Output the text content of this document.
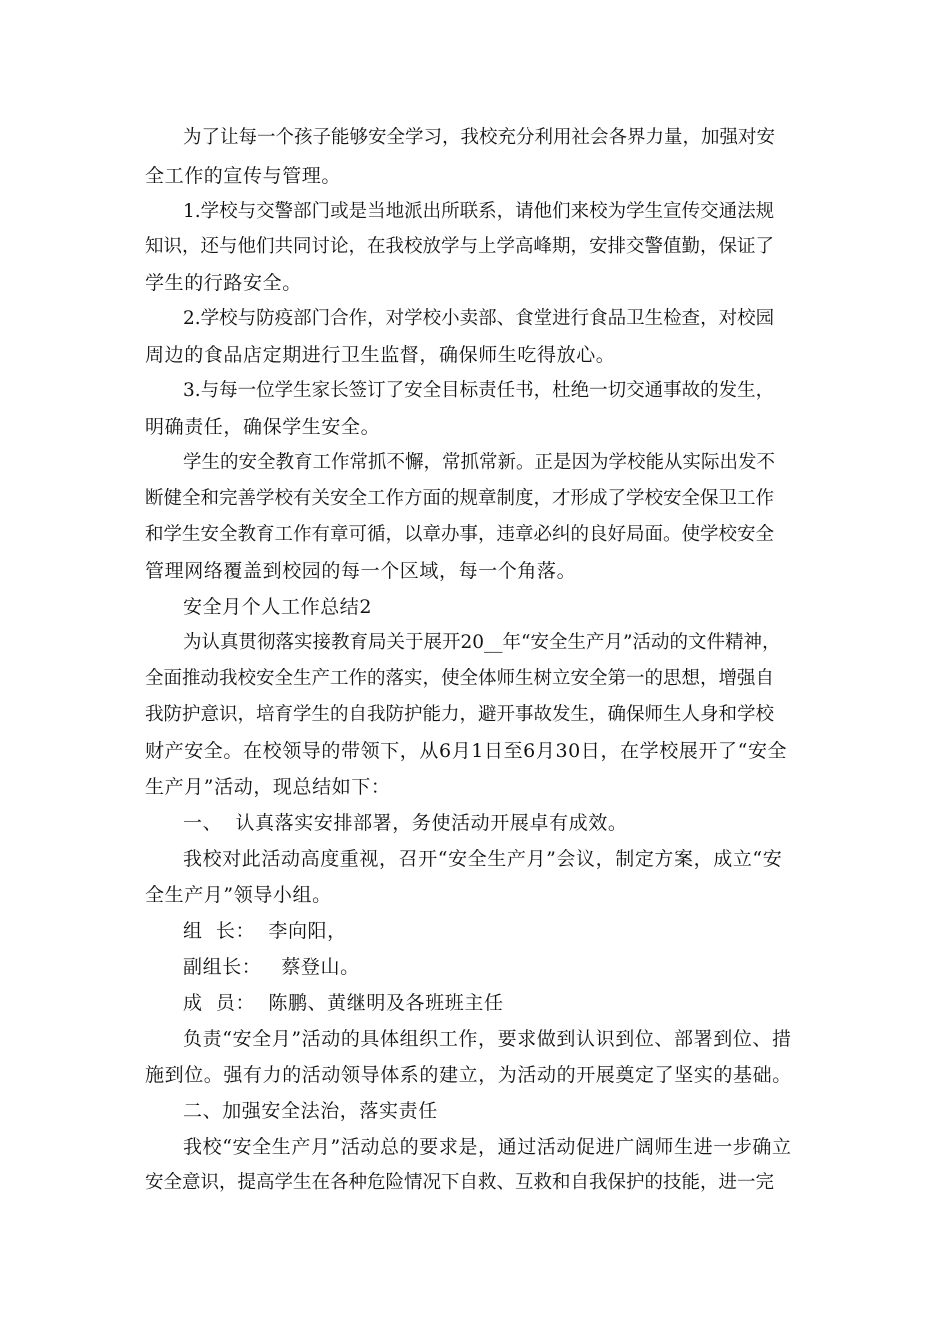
为了让每一个孩子能够安全学习，我校充分利用社会各界力量，加强对安
全工作的宣传与管理。
1.学校与交警部门或是当地派出所联系，请他们来校为学生宣传交通法规
知识，还与他们共同讨论，在我校放学与上学高峰期，安排交警值勤，保证了
学生的行路安全。
2.学校与防疫部门合作，对学校小卖部、食堂进行食品卫生检查，对校园
周边的食品店定期进行卫生监督，确保师生吃得放心。
3.与每一位学生家长签订了安全目标责任书，杜绝一切交通事故的发生，
明确责任，确保学生安全。
学生的安全教育工作常抓不懈，常抓常新。正是因为学校能从实际出发不
断健全和完善学校有关安全工作方面的规章制度，才形成了学校安全保卫工作
和学生安全教育工作有章可循，以章办事，违章必纠的良好局面。使学校安全
管理网络覆盖到校园的每一个区域，每一个角落。
安全月个人工作总结2
为认真贯彻落实接教育局关于展开20__年“安全生产月”活动的文件精神，
全面推动我校安全生产工作的落实，使全体师生树立安全第一的思想，增强自
我防护意识，培育学生的自我防护能力，避开事故发生，确保师生人身和学校
财产安全。在校领导的带领下，从6月1日至6月30日，在学校展开了“安全
生产月”活动，现总结如下：
一、  认真落实安排部署，务使活动开展卓有成效。
我校对此活动高度重视，召开“安全生产月”会议，制定方案，成立“安
全生产月”领导小组。
组  长：  李向阳，
副组长：   蔡登山。
成  员：  陈鹏、黄继明及各班班主任
负责“安全月”活动的具体组织工作，要求做到认识到位、部署到位、措
施到位。强有力的活动领导体系的建立，为活动的开展奠定了坚实的基础。
二、加强安全法治，落实责任
我校“安全生产月”活动总的要求是，通过活动促进广阔师生进一步确立
安全意识，提高学生在各种危险情况下自救、互救和自我保护的技能，进一完
